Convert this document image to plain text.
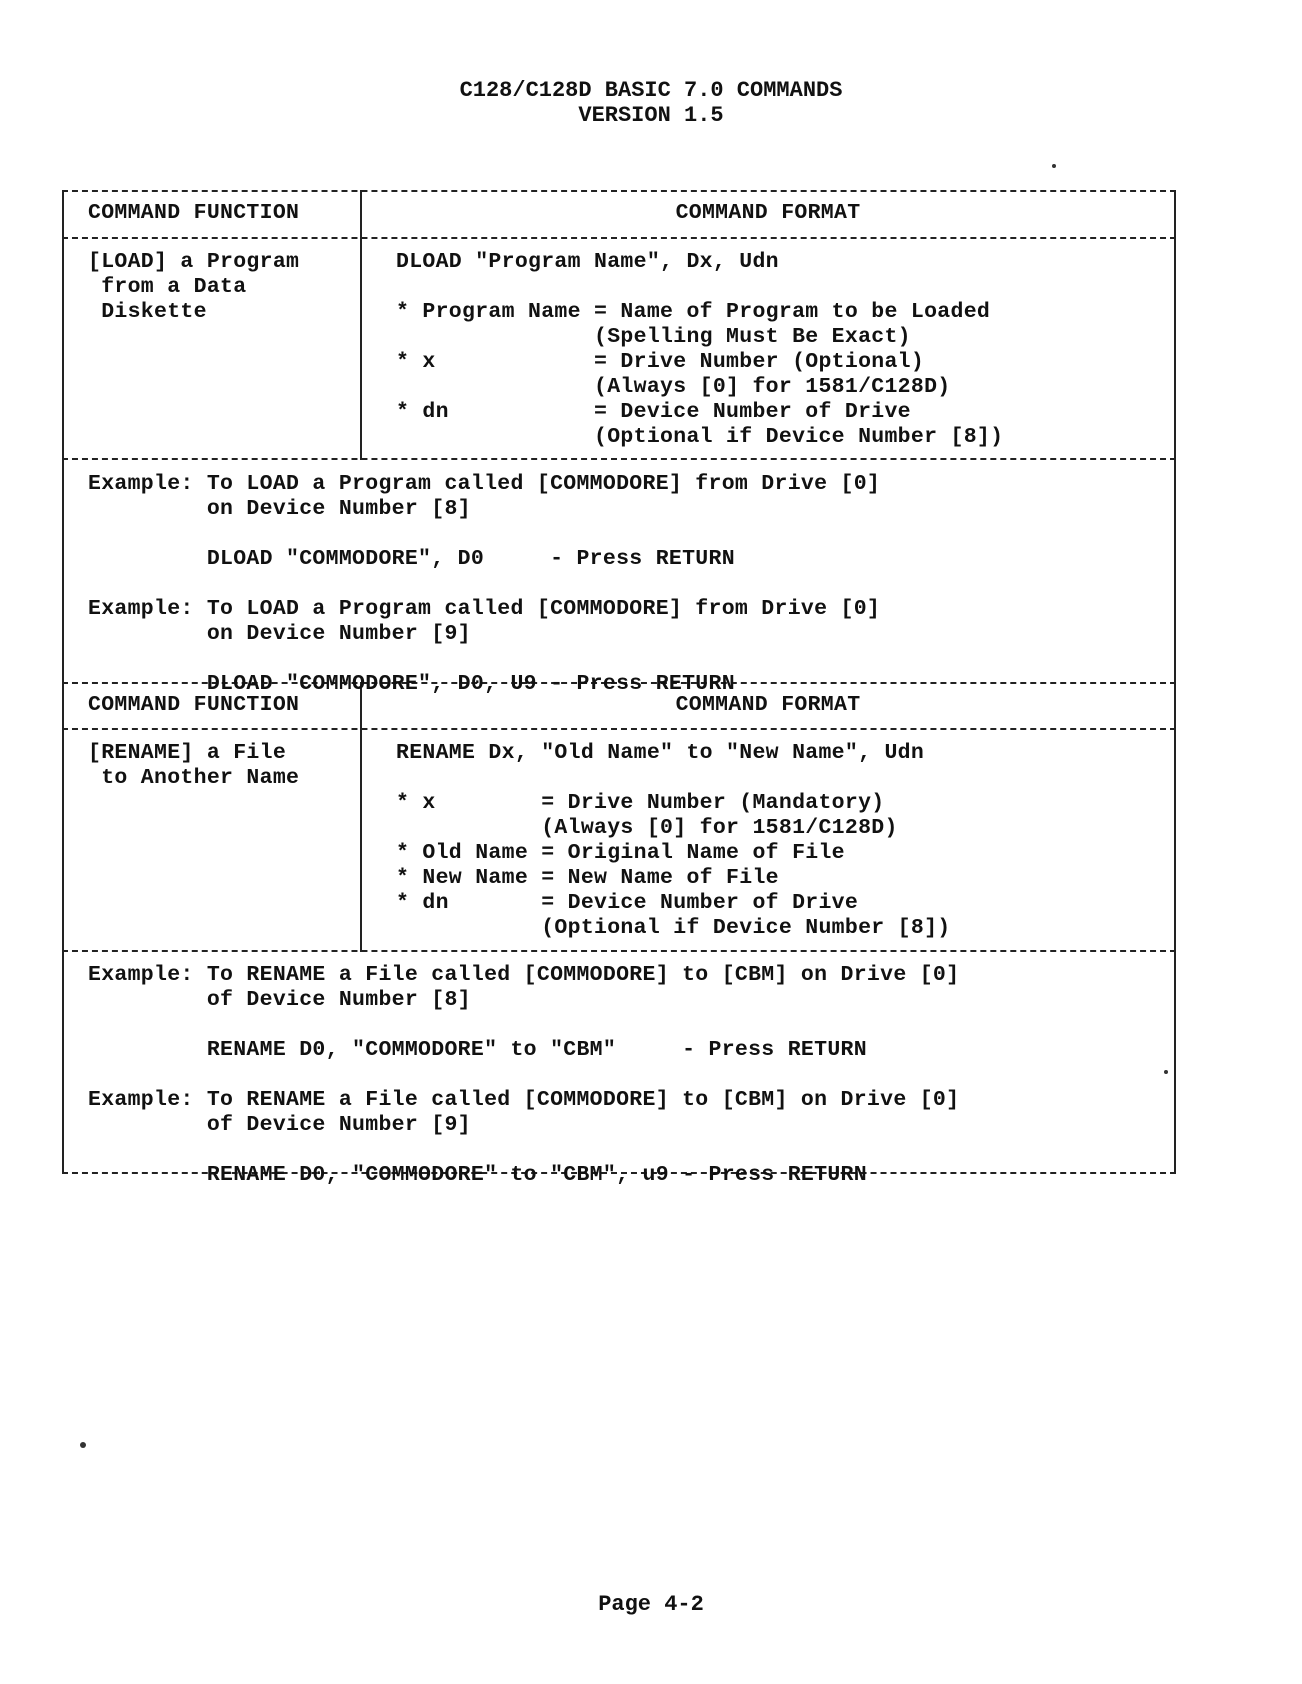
C128/C128D BASIC 7.0 COMMANDS
VERSION 1.5
COMMAND FUNCTION	COMMAND FORMAT
[LOAD] a Program
from a Data
Diskette
DLOAD "Program Name", Dx, Udn
* Program Name = Name of Program to be Loaded
(Spelling Must Be Exact)
* x            = Drive Number (Optional)
(Always [0] for 1581/C128D)
* dn           = Device Number of Drive
(Optional if Device Number [8])
Example: To LOAD a Program called [COMMODORE] from Drive [0]
on Device Number [8]

DLOAD "COMMODORE", D0     - Press RETURN

Example: To LOAD a Program called [COMMODORE] from Drive [0]
on Device Number [9]

DLOAD "COMMODORE", D0, U9 - Press RETURN
COMMAND FUNCTION	COMMAND FORMAT
[RENAME] a File
to Another Name
RENAME Dx, "Old Name" to "New Name", Udn
* x        = Drive Number (Mandatory)
(Always [0] for 1581/C128D)
* Old Name = Original Name of File
* New Name = New Name of File
* dn       = Device Number of Drive
(Optional if Device Number [8])
Example: To RENAME a File called [COMMODORE] to [CBM] on Drive [0]
of Device Number [8]

RENAME D0, "COMMODORE" to "CBM"     - Press RETURN

Example: To RENAME a File called [COMMODORE] to [CBM] on Drive [0]
of Device Number [9]

RENAME D0, "COMMODORE" to "CBM", u9 - Press RETURN
Page 4-2
